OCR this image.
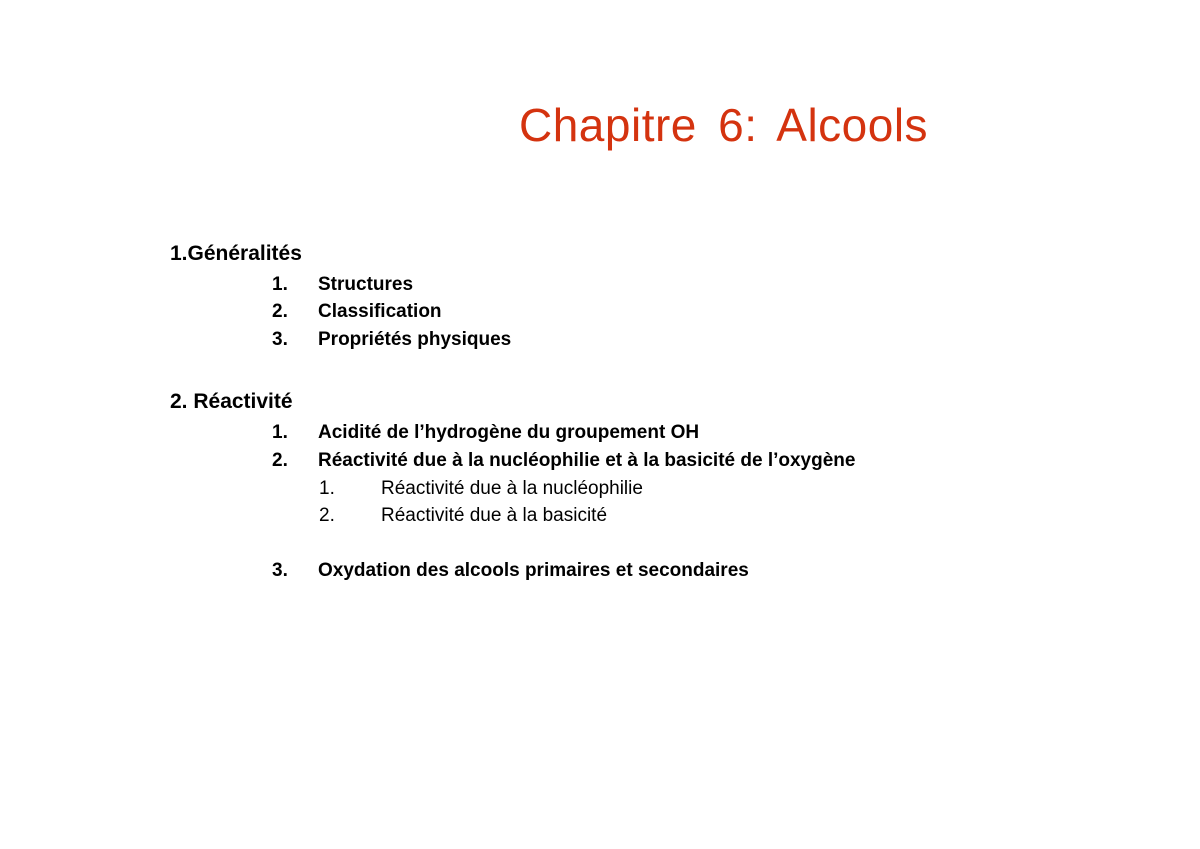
Chapitre 6: Alcools
1.Généralités
1. Structures
2. Classification
3. Propriétés physiques
2. Réactivité
1. Acidité de l’hydrogène du groupement OH
2. Réactivité due à la nucléophilie et à la basicité de l’oxygène
1. Réactivité due à la nucléophilie
2. Réactivité due à la basicité
3. Oxydation des alcools primaires et secondaires
